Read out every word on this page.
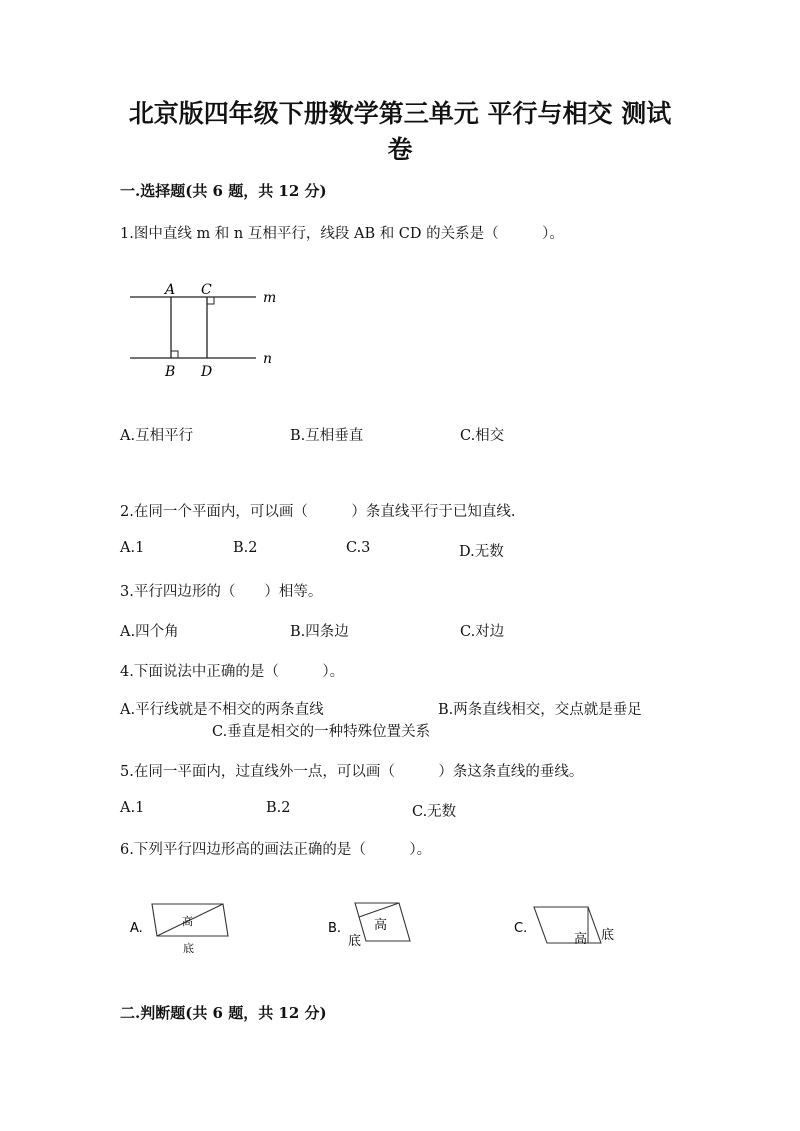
北京版四年级下册数学第三单元 平行与相交 测试
卷

一.选择题(共 6 题，共 12 分)

1.图中直线 m 和 n 互相平行，线段 AB 和 CD 的关系是（　　　）。

A C	m
n
B D
A.互相平行	B.互相垂直	C.相交

2.在同一个平面内，可以画（　　　）条直线平行于已知直线.

A.1	B.2	C.3	D.无数

3.平行四边形的（　　）相等。

A.四个角	B.四条边	C.对边

4.下面说法中正确的是（　　　）。

A.平行线就是不相交的两条直线	B.两条直线相交，交点就是垂足
C.垂直是相交的一种特殊位置关系

5.在同一平面内，过直线外一点，可以画（　　　）条这条直线的垂线。

A.1	B.2	C.无数

6.下列平行四边形高的画法正确的是（　　　）。

A.	高
底
B.	高
底
C.
高 底

二.判断题(共 6 题，共 12 分)
